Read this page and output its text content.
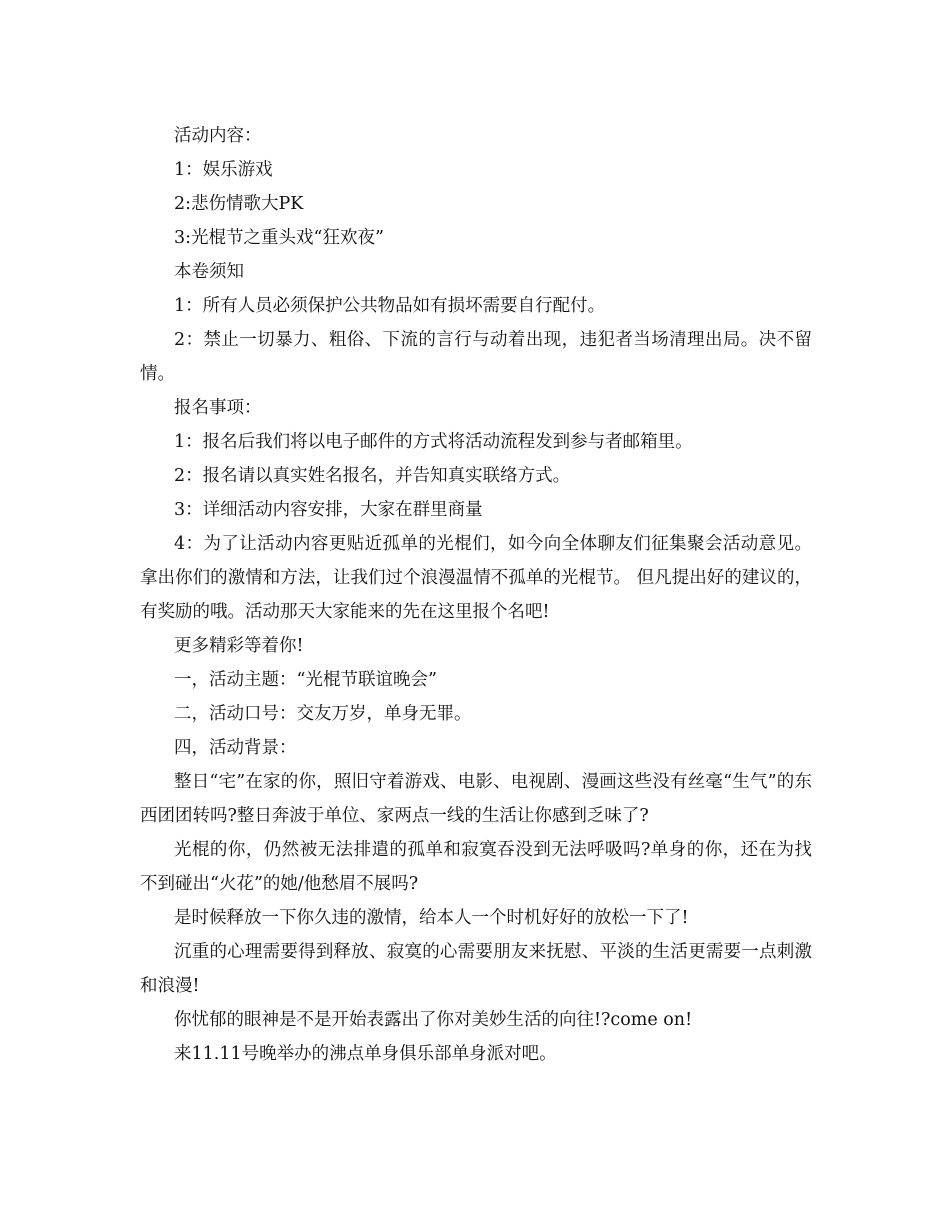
活动内容：

1：娱乐游戏

2:悲伤情歌大PK

3:光棍节之重头戏“狂欢夜”

本卷须知

1：所有人员必须保护公共物品如有损坏需要自行配付。

2：禁止一切暴力、粗俗、下流的言行与动着出现，违犯者当场清理出局。决不留情。

报名事项：

1：报名后我们将以电子邮件的方式将活动流程发到参与者邮箱里。

2：报名请以真实姓名报名，并告知真实联络方式。

3：详细活动内容安排，大家在群里商量

4：为了让活动内容更贴近孤单的光棍们，如今向全体聊友们征集聚会活动意见。 拿出你们的激情和方法，让我们过个浪漫温情不孤单的光棍节。 但凡提出好的建议的，有奖励的哦。活动那天大家能来的先在这里报个名吧!

更多精彩等着你!

一，活动主题：“光棍节联谊晚会”

二，活动口号：交友万岁，单身无罪。

四，活动背景：

整日“宅”在家的你，照旧守着游戏、电影、电视剧、漫画这些没有丝毫“生气”的东西团团转吗?整日奔波于单位、家两点一线的生活让你感到乏味了?

光棍的你，仍然被无法排遣的孤单和寂寞吞没到无法呼吸吗?单身的你，还在为找不到碰出“火花”的她/他愁眉不展吗?

是时候释放一下你久违的激情，给本人一个时机好好的放松一下了!

沉重的心理需要得到释放、寂寞的心需要朋友来抚慰、平淡的生活更需要一点刺激和浪漫!

你忧郁的眼神是不是开始表露出了你对美妙生活的向往!?come on!

来11.11号晚举办的沸点单身俱乐部单身派对吧。
